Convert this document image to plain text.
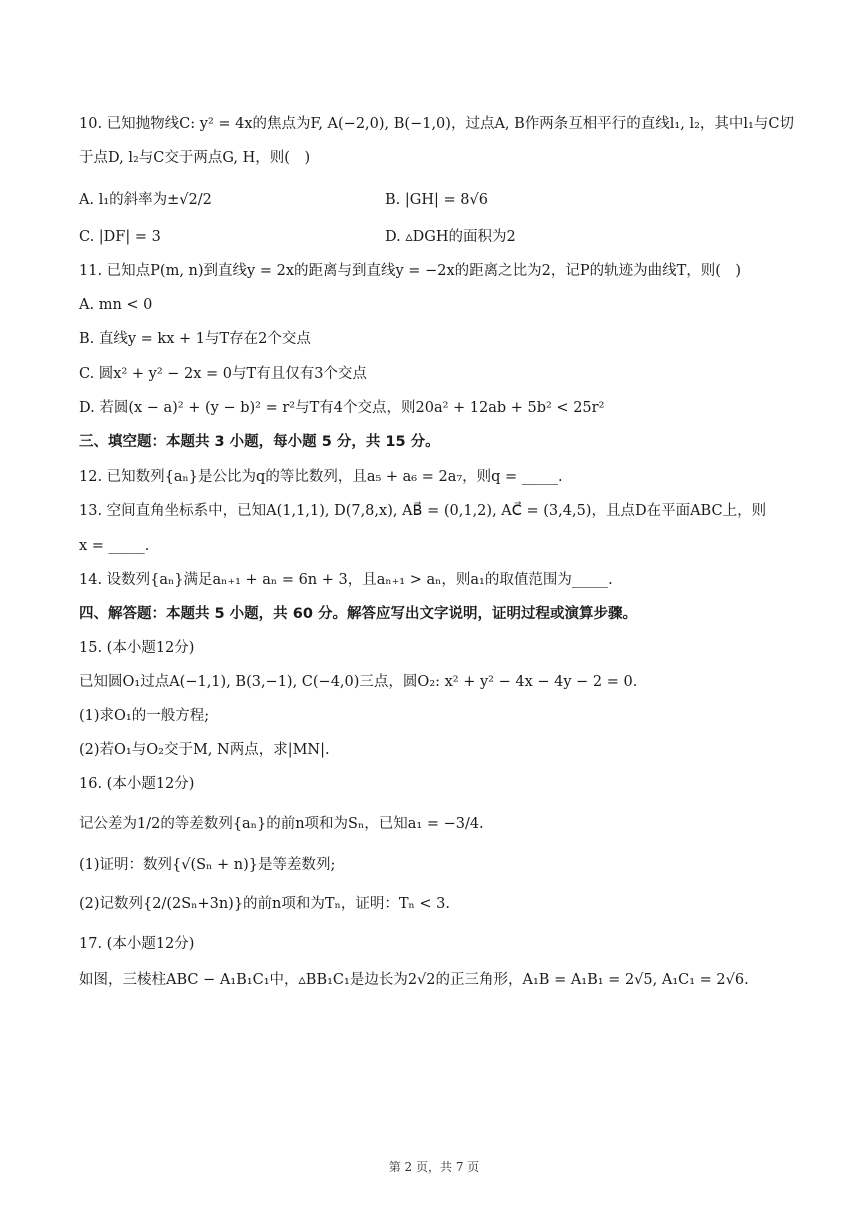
10. 已知抛物线C: y² = 4x的焦点为F, A(−2,0), B(−1,0)，过点A, B作两条互相平行的直线l₁, l₂，其中l₁与C切
于点D, l₂与C交于两点G, H，则(　)
A. l₁的斜率为±√2/2	B. |GH| = 8√6
C. |DF| = 3	D. ▵DGH的面积为2
11. 已知点P(m, n)到直线y = 2x的距离与到直线y = −2x的距离之比为2，记P的轨迹为曲线T，则(　)
A. mn < 0
B. 直线y = kx + 1与T存在2个交点
C. 圆x² + y² − 2x = 0与T有且仅有3个交点
D. 若圆(x − a)² + (y − b)² = r²与T有4个交点，则20a² + 12ab + 5b² < 25r²
三、填空题：本题共 3 小题，每小题 5 分，共 15 分。
12. 已知数列{aₙ}是公比为q的等比数列，且a₅ + a₆ = 2a₇，则q = _____.
13. 空间直角坐标系中，已知A(1,1,1), D(7,8,x), AB⃗ = (0,1,2), AC⃗ = (3,4,5)，且点D在平面ABC上，则
x = _____.
14. 设数列{aₙ}满足aₙ₊₁ + aₙ = 6n + 3，且aₙ₊₁ > aₙ，则a₁的取值范围为_____.
四、解答题：本题共 5 小题，共 60 分。解答应写出文字说明，证明过程或演算步骤。
15. (本小题12分)
已知圆O₁过点A(−1,1), B(3,−1), C(−4,0)三点，圆O₂: x² + y² − 4x − 4y − 2 = 0.
(1)求O₁的一般方程;
(2)若O₁与O₂交于M, N两点，求|MN|.
16. (本小题12分)
记公差为1/2的等差数列{aₙ}的前n项和为Sₙ，已知a₁ = −3/4.
(1)证明：数列{√(Sₙ + n)}是等差数列;
(2)记数列{2/(2Sₙ+3n)}的前n项和为Tₙ，证明：Tₙ < 3.
17. (本小题12分)
如图，三棱柱ABC − A₁B₁C₁中，▵BB₁C₁是边长为2√2的正三角形，A₁B = A₁B₁ = 2√5, A₁C₁ = 2√6.
第 2 页，共 7 页
